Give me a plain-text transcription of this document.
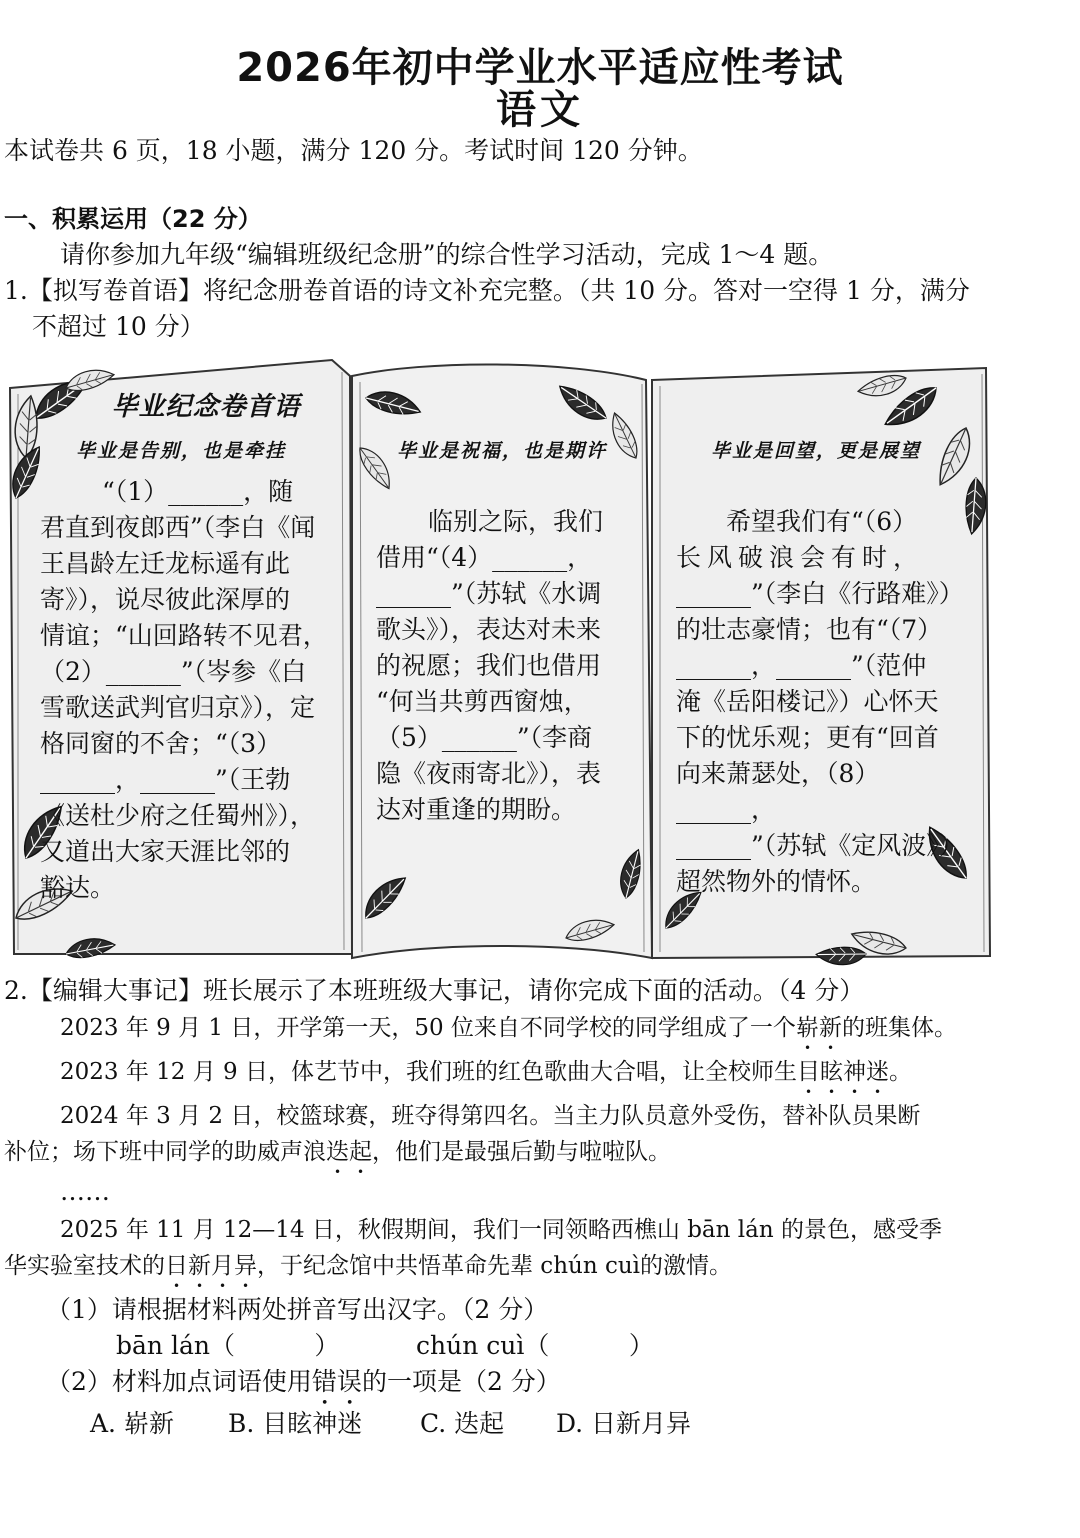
2026年初中学业水平适应性考试
语文
本试卷共 6 页，18 小题，满分 120 分。考试时间 120 分钟。
一、积累运用（22 分）
请你参加九年级“编辑班级纪念册”的综合性学习活动，完成 1～4 题。
1.【拟写卷首语】将纪念册卷首语的诗文补充完整。（共 10 分。答对一空得 1 分，满分
不超过 10 分）
毕业纪念卷首语
毕业是告别，也是牵挂	毕业是祝福，也是期许	毕业是回望，更是展望

“（1）______，随

君直到夜郎西”（李白《闻

王昌龄左迁龙标遥有此

寄》），说尽彼此深厚的

情谊；“山回路转不见君，

（2）______”（岑参《白

雪歌送武判官归京》），定

格同窗的不舍；“（3）

______，______”（王勃

《送杜少府之任蜀州》），

又道出大家天涯比邻的

豁达。

临别之际，我们

借用“（4）______，

______”（苏轼《水调

歌头》），表达对未来

的祝愿；我们也借用

“何当共剪西窗烛，

（5）______”（李商

隐《夜雨寄北》），表

达对重逢的期盼。

希望我们有“（6）

长风破浪会有时，

______”（李白《行路难》）

的壮志豪情；也有“（7）

______，______”（范仲

淹《岳阳楼记》）心怀天

下的忧乐观；更有“回首

向来萧瑟处，（8）______，

______”（苏轼《定风波》）

超然物外的情怀。

2.【编辑大事记】班长展示了本班班级大事记，请你完成下面的活动。（4 分）
2023 年 9 月 1 日，开学第一天，50 位来自不同学校的同学组成了一个崭新的班集体。
2023 年 12 月 9 日，体艺节中，我们班的红色歌曲大合唱，让全校师生目眩神迷。
2024 年 3 月 2 日，校篮球赛，班夺得第四名。当主力队员意外受伤，替补队员果断
补位；场下班中同学的助威声浪迭起，他们是最强后勤与啦啦队。
……
2025 年 11 月 12—14 日，秋假期间，我们一同领略西樵山 bān lán 的景色，感受季
华实验室技术的日新月异，于纪念馆中共悟革命先辈 chún cuì的激情。
（1）请根据材料两处拼音写出汉字。（2 分）
bān lán（          ）	chún cuì（          ）
（2）材料加点词语使用错误的一项是（2 分）
A. 崭新 B. 目眩神迷 C. 迭起 D. 日新月异
